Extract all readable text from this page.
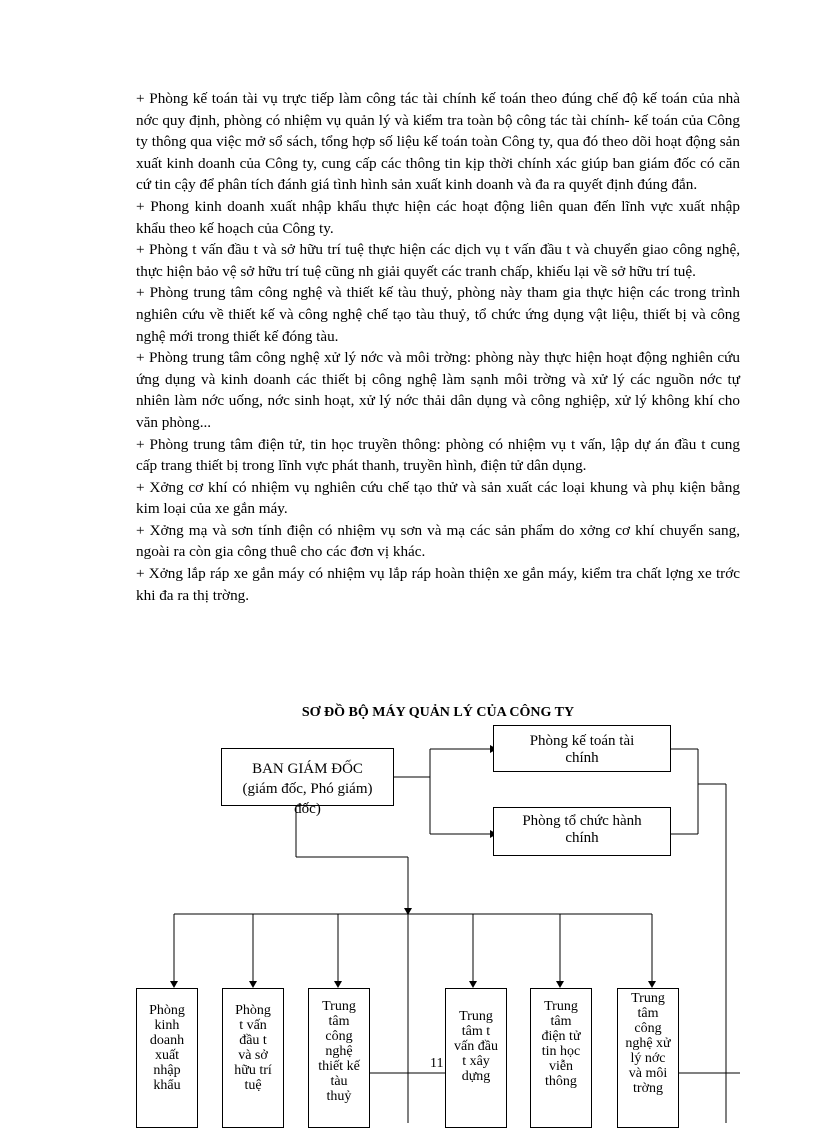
+ Phòng kế toán tài vụ trực tiếp làm công tác tài chính kế toán theo đúng chế độ kế toán của nhà nớc quy định, phòng có nhiệm vụ quản lý và kiểm tra toàn bộ công tác tài chính- kế toán của Công ty thông qua việc mở sổ sách, tổng hợp số liệu kế toán toàn Công ty, qua đó theo dõi hoạt động sản xuất kinh doanh của Công ty, cung cấp các thông tin kịp thời chính xác giúp ban giám đốc có căn cứ tin cậy để phân tích đánh giá tình hình sản xuất kinh doanh và đa ra quyết định đúng đắn.

+ Phong kinh doanh xuất nhập khẩu thực hiện các hoạt động liên quan đến lĩnh vực xuất nhập khẩu theo kế hoạch của Công ty.

+ Phòng t vấn đầu t và sở hữu trí tuệ thực hiện các dịch vụ t vấn đầu t và chuyển giao công nghệ, thực hiện bảo vệ sở hữu trí tuệ cũng nh giải quyết các tranh chấp, khiếu lại về sở hữu trí tuệ.

+ Phòng trung tâm công nghệ và thiết kế tàu thuỷ, phòng này tham gia thực hiện các trong trình nghiên cứu về thiết kế và công nghệ chế tạo tàu thuỷ, tổ chức ứng dụng vật liệu, thiết bị và công nghệ mới trong thiết kế đóng tàu.

+ Phòng trung tâm công nghệ xử lý nớc và môi trờng: phòng này thực hiện hoạt động nghiên cứu ứng dụng và kinh doanh các thiết bị công nghệ làm sạnh môi trờng và xử lý các nguồn nớc tự nhiên làm nớc uống, nớc sinh hoạt, xử lý nớc thải dân dụng và công nghiệp, xử lý không khí cho văn phòng...

+ Phòng trung tâm điện tử, tin học truyền thông: phòng có nhiệm vụ t vấn, lập dự án đầu t cung cấp trang thiết bị trong lĩnh vực phát thanh, truyền hình, điện tử dân dụng.

+ Xởng cơ khí có nhiệm vụ nghiên cứu chế tạo thử và sản xuất các loại khung và phụ kiện bằng kim loại của xe gắn máy.

+ Xởng mạ và sơn tính điện có nhiệm vụ sơn và mạ các sản phẩm do xởng cơ khí chuyển sang, ngoài ra còn gia công thuê cho các đơn vị khác.

+ Xởng lắp ráp xe gắn máy có nhiệm vụ lắp ráp hoàn thiện xe gắn máy, kiểm tra chất lợng xe trớc khi đa ra thị trờng.

SƠ ĐỒ BỘ MÁY QUẢN LÝ CỦA CÔNG TY
BAN GIÁM ĐỐC
(giám đốc, Phó giám)
đốc)
Phòng kế toán tài
chính
Phòng tổ chức hành
chính
Phòng
kinh
doanh
xuất
nhập
khẩu
Phòng
t vấn
đầu t
và sở
hữu trí
tuệ
Trung
tâm
công
nghệ
thiết kế
tàu
thuỷ
Trung
tâm t
vấn đầu
t xây
dựng
Trung
tâm
điện tử
tin học
viễn
thông
Trung
tâm
công
nghệ xử
lý nớc
và môi
trờng
11
